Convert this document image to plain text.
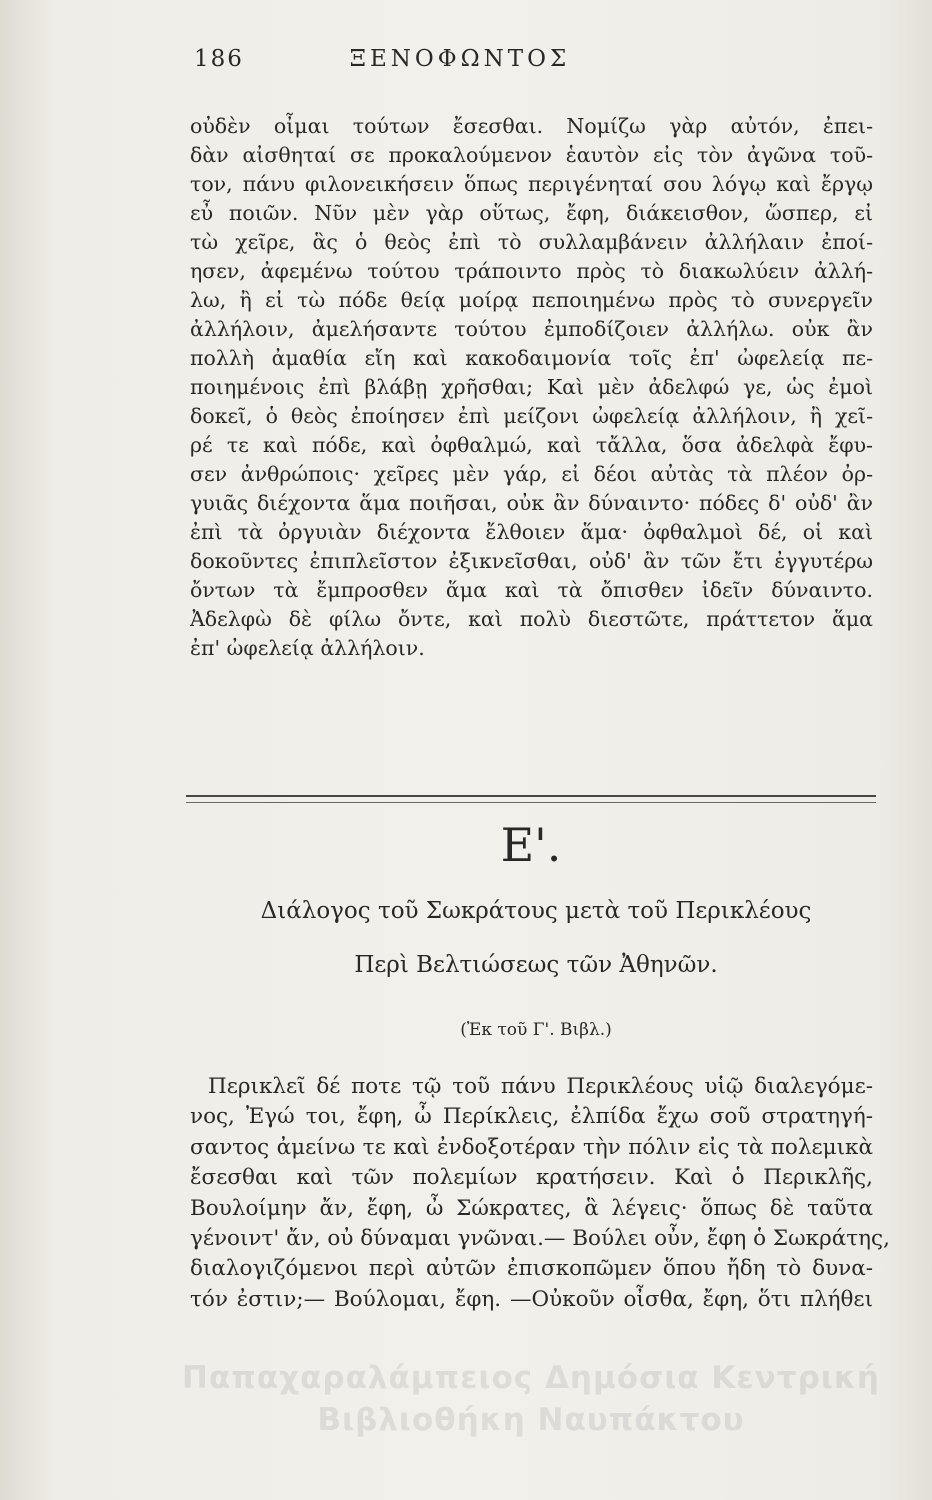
186	ΞΕΝΟΦΩΝΤΟΣ
οὐδὲν οἶμαι τούτων ἔσεσθαι. Νομίζω γὰρ αὐτόν, ἐπει-
δὰν αἰσθηταί σε προκαλούμενον ἑαυτὸν εἰς τὸν ἀγῶνα τοῦ-
τον, πάνυ φιλονεικήσειν ὅπως περιγένηταί σου λόγῳ καὶ ἔργῳ
εὖ ποιῶν. Νῦν μὲν γὰρ οὕτως, ἔφη, διάκεισθον, ὥσπερ, εἰ
τὼ χεῖρε, ἃς ὁ θεὸς ἐπὶ τὸ συλλαμβάνειν ἀλλήλαιν ἐποί-
ησεν, ἀφεμένω τούτου τράποιντο πρὸς τὸ διακωλύειν ἀλλή-
λω, ἢ εἰ τὼ πόδε θείᾳ μοίρᾳ πεποιημένω πρὸς τὸ συνεργεῖν
ἀλλήλοιν, ἀμελήσαντε τούτου ἐμποδίζοιεν ἀλλήλω. οὐκ ἂν
πολλὴ ἀμαθία εἴη καὶ κακοδαιμονία τοῖς ἐπ' ὠφελείᾳ πε-
ποιημένοις ἐπὶ βλάβῃ χρῆσθαι; Καὶ μὲν ἀδελφώ γε, ὡς ἐμοὶ
δοκεῖ, ὁ θεὸς ἐποίησεν ἐπὶ μείζονι ὠφελείᾳ ἀλλήλοιν, ἢ χεῖ-
ρέ τε καὶ πόδε, καὶ ὀφθαλμώ, καὶ τἄλλα, ὅσα ἀδελφὰ ἔφυ-
σεν ἀνθρώποις· χεῖρες μὲν γάρ, εἰ δέοι αὐτὰς τὰ πλέον ὀρ-
γυιᾶς διέχοντα ἅμα ποιῆσαι, οὐκ ἂν δύναιντο· πόδες δ' οὐδ' ἂν
ἐπὶ τὰ ὀργυιὰν διέχοντα ἔλθοιεν ἅμα· ὀφθαλμοὶ δέ, οἱ καὶ
δοκοῦντες ἐπιπλεῖστον ἐξικνεῖσθαι, οὐδ' ἂν τῶν ἔτι ἐγγυτέρω
ὄντων τὰ ἔμπροσθεν ἅμα καὶ τὰ ὄπισθεν ἰδεῖν δύναιντο.
Ἀδελφὼ δὲ φίλω ὄντε, καὶ πολὺ διεστῶτε, πράττετον ἅμα
ἐπ' ὠφελείᾳ ἀλλήλοιν.
Ε'.
Διάλογος τοῦ Σωκράτους μετὰ τοῦ Περικλέους
Περὶ Βελτιώσεως τῶν Ἀθηνῶν.
(Ἐκ τοῦ Γ'. Βιβλ.)
Περικλεῖ δέ ποτε τῷ τοῦ πάνυ Περικλέους υἱῷ διαλεγόμε-
νος, Ἐγώ τοι, ἔφη, ὦ Περίκλεις, ἐλπίδα ἔχω σοῦ στρατηγή-
σαντος ἀμείνω τε καὶ ἐνδοξοτέραν τὴν πόλιν εἰς τὰ πολεμικὰ
ἔσεσθαι καὶ τῶν πολεμίων κρατήσειν. Καὶ ὁ Περικλῆς,
Βουλοίμην ἄν, ἔφη, ὦ Σώκρατες, ἃ λέγεις· ὅπως δὲ ταῦτα
γένοιντ' ἄν, οὐ δύναμαι γνῶναι.— Βούλει οὖν, ἔφη ὁ Σωκράτης,
διαλογιζόμενοι περὶ αὐτῶν ἐπισκοπῶμεν ὅπου ἤδη τὸ δυνα-
τόν ἐστιν;— Βούλομαι, ἔφη. —Οὐκοῦν οἶσθα, ἔφη, ὅτι πλήθει
Παπαχαραλάμπειος Δημόσια Κεντρική
Βιβλιοθήκη Ναυπάκτου
